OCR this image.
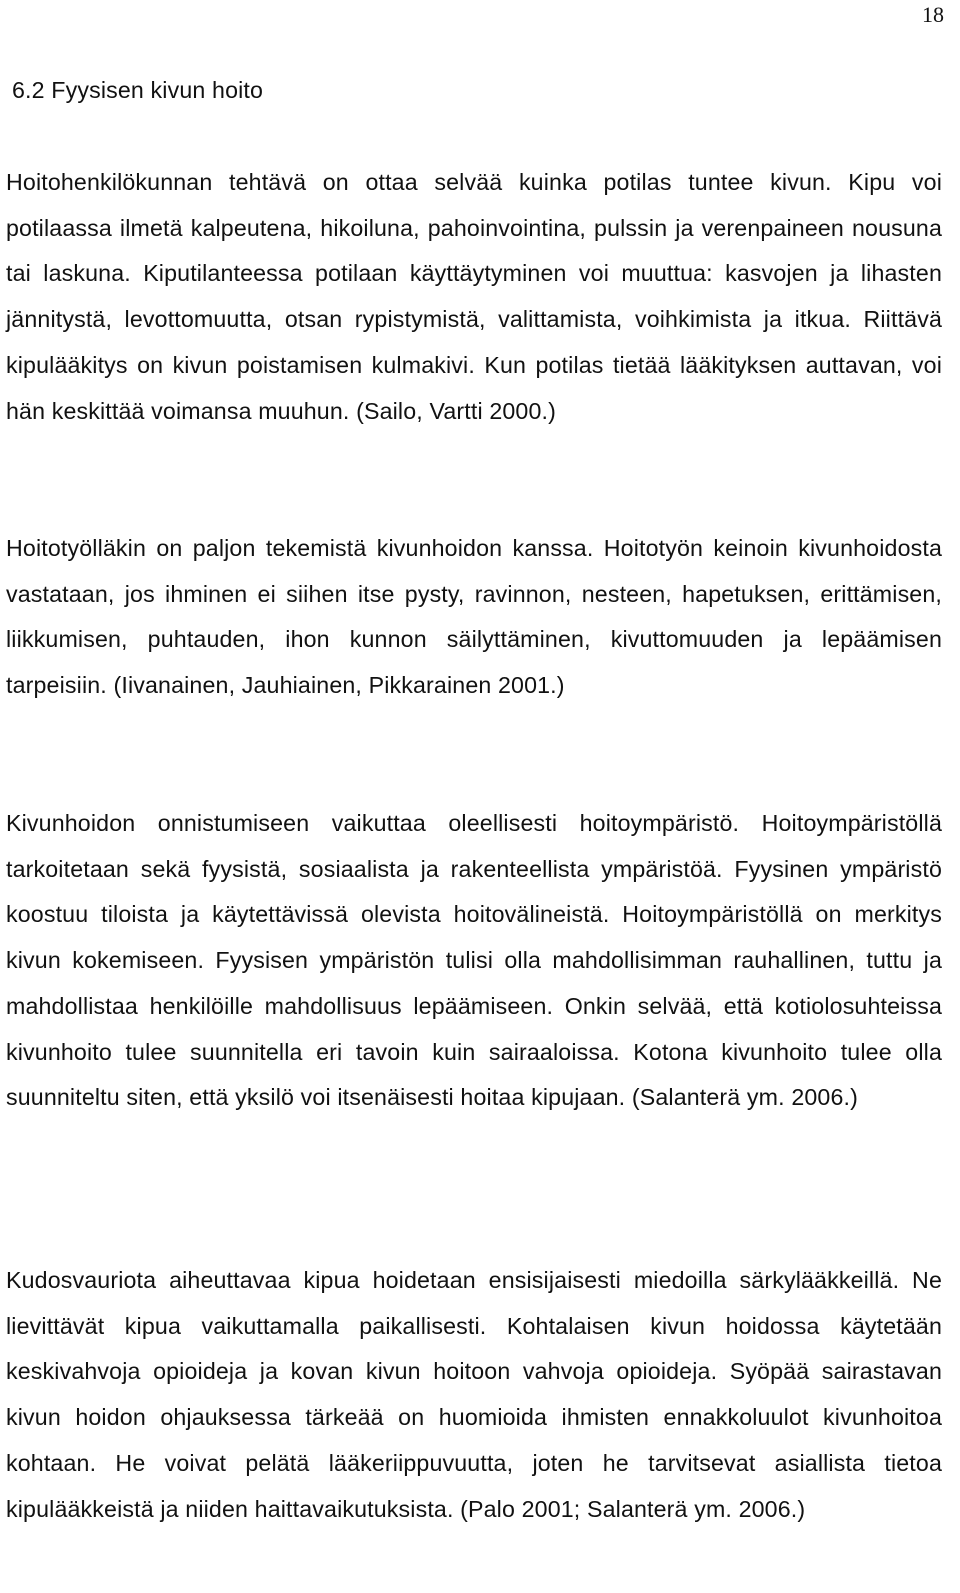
18
6.2 Fyysisen kivun hoito

Hoitohenkilökunnan tehtävä on ottaa selvää kuinka potilas tuntee kivun. Kipu voi potilaassa ilmetä kalpeutena, hikoiluna, pahoinvointina, pulssin ja verenpaineen nousuna tai laskuna. Kiputilanteessa potilaan käyttäytyminen voi muuttua: kasvojen ja lihasten jännitystä, levottomuutta, otsan rypistymistä, valittamista, voihkimista ja itkua. Riittävä kipulääkitys on kivun poistamisen kulmakivi. Kun potilas tietää lääkityksen auttavan, voi hän keskittää voimansa muuhun. (Sailo, Vartti 2000.)

Hoitotyölläkin on paljon tekemistä kivunhoidon kanssa. Hoitotyön keinoin kivunhoidosta vastataan, jos ihminen ei siihen itse pysty, ravinnon, nesteen, hapetuksen, erittämisen, liikkumisen, puhtauden, ihon kunnon säilyttäminen, kivuttomuuden ja lepäämisen tarpeisiin. (Iivanainen, Jauhiainen, Pikkarainen 2001.)

Kivunhoidon onnistumiseen vaikuttaa oleellisesti hoitoympäristö. Hoitoympäristöllä tarkoitetaan sekä fyysistä, sosiaalista ja rakenteellista ympäristöä. Fyysinen ympäristö koostuu tiloista ja käytettävissä olevista hoitovälineistä. Hoitoympäristöllä on merkitys kivun kokemiseen. Fyysisen ympäristön tulisi olla mahdollisimman rauhallinen, tuttu ja mahdollistaa henkilöille mahdollisuus lepäämiseen. Onkin selvää, että kotiolosuhteissa kivunhoito tulee suunnitella eri tavoin kuin sairaaloissa. Kotona kivunhoito tulee olla suunniteltu siten, että yksilö voi itsenäisesti hoitaa kipujaan. (Salanterä ym. 2006.)

Kudosvauriota aiheuttavaa kipua hoidetaan ensisijaisesti miedoilla särkylääkkeillä. Ne lievittävät kipua vaikuttamalla paikallisesti. Kohtalaisen kivun hoidossa käytetään keskivahvoja opioideja ja kovan kivun hoitoon vahvoja opioideja. Syöpää sairastavan kivun hoidon ohjauksessa tärkeää on huomioida ihmisten ennakkoluulot kivunhoitoa kohtaan. He voivat pelätä lääkeriippuvuutta, joten he tarvitsevat asiallista tietoa kipulääkkeistä ja niiden haittavaikutuksista. (Palo 2001; Salanterä ym. 2006.)
